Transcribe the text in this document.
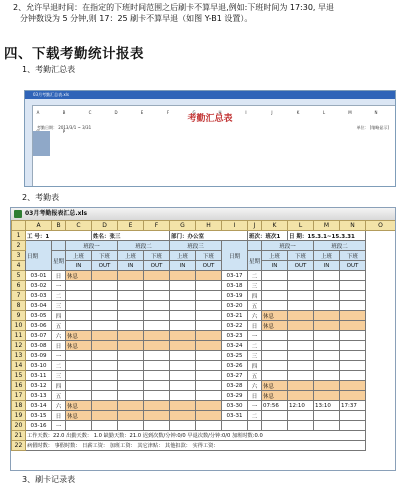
2、允许早退时间：在指定的下班时间范围之后刷卡不算早退,例如:下班时间为 17:30, 早退
分钟数设为 5 分钟,则 17：25 刷卡不算早退（如图 Y-B1 设置）。
四、下载考勤统计报表
1、考勤汇总表
03月考勤汇总表.xls
A	B	C	D	E	F	G	H	I	J	K	L	M	NP
考勤汇总表
考勤日期： 2013/3/1 ~ 3/31	单位： [缩略显示]

2、考勤表
03月考勤报表汇总.xls
	A	B	C	D	E	F	G	H	I	J	K	L	M	N	O
1	工 号：1			姓名：张三			部门：办公室			班次：班次1		日 期：15.3.1~15.3.31			
2	日期		班段一		班段二		班段三		日期		班段一		班段二		
3		星期	上班	下班	上班	下班	上班	下班		星期	上班	下班	上班	下班	
4			IN	OUT	IN	OUT	IN	OUT			IN	OUT	IN	OUT	
5	03-01	日	休息						03-17	二					
6	03-02	一							03-18	三					
7	03-03	二							03-19	四					
8	03-04	三							03-20	五					
9	03-05	四							03-21	六	休息				
10	03-06	五							03-22	日	休息				
11	03-07	六	休息						03-23	一					
12	03-08	日	休息						03-24	二					
13	03-09	一							03-25	三					
14	03-10	二							03-26	四					
15	03-11	三							03-27	五					
16	03-12	四							03-28	六	休息				
17	03-13	五							03-29	日	休息				
18	03-14	六	休息						03-30	一	07:56	12:10	13:10	17:37	
19	03-15	日	休息						03-31	二					
20	03-16	一													
21	工作天数：22.0 出勤天数： 1.0 缺勤天数：21.0 迟到次数/分钟:0/0 早退次数/分钟:0/0 加班时数:0.0														
22	病假时数： 事假时数： 日薪工资： 加班工资： 其它津贴： 其他扣款： 实得工资：														
3、刷卡记录表
